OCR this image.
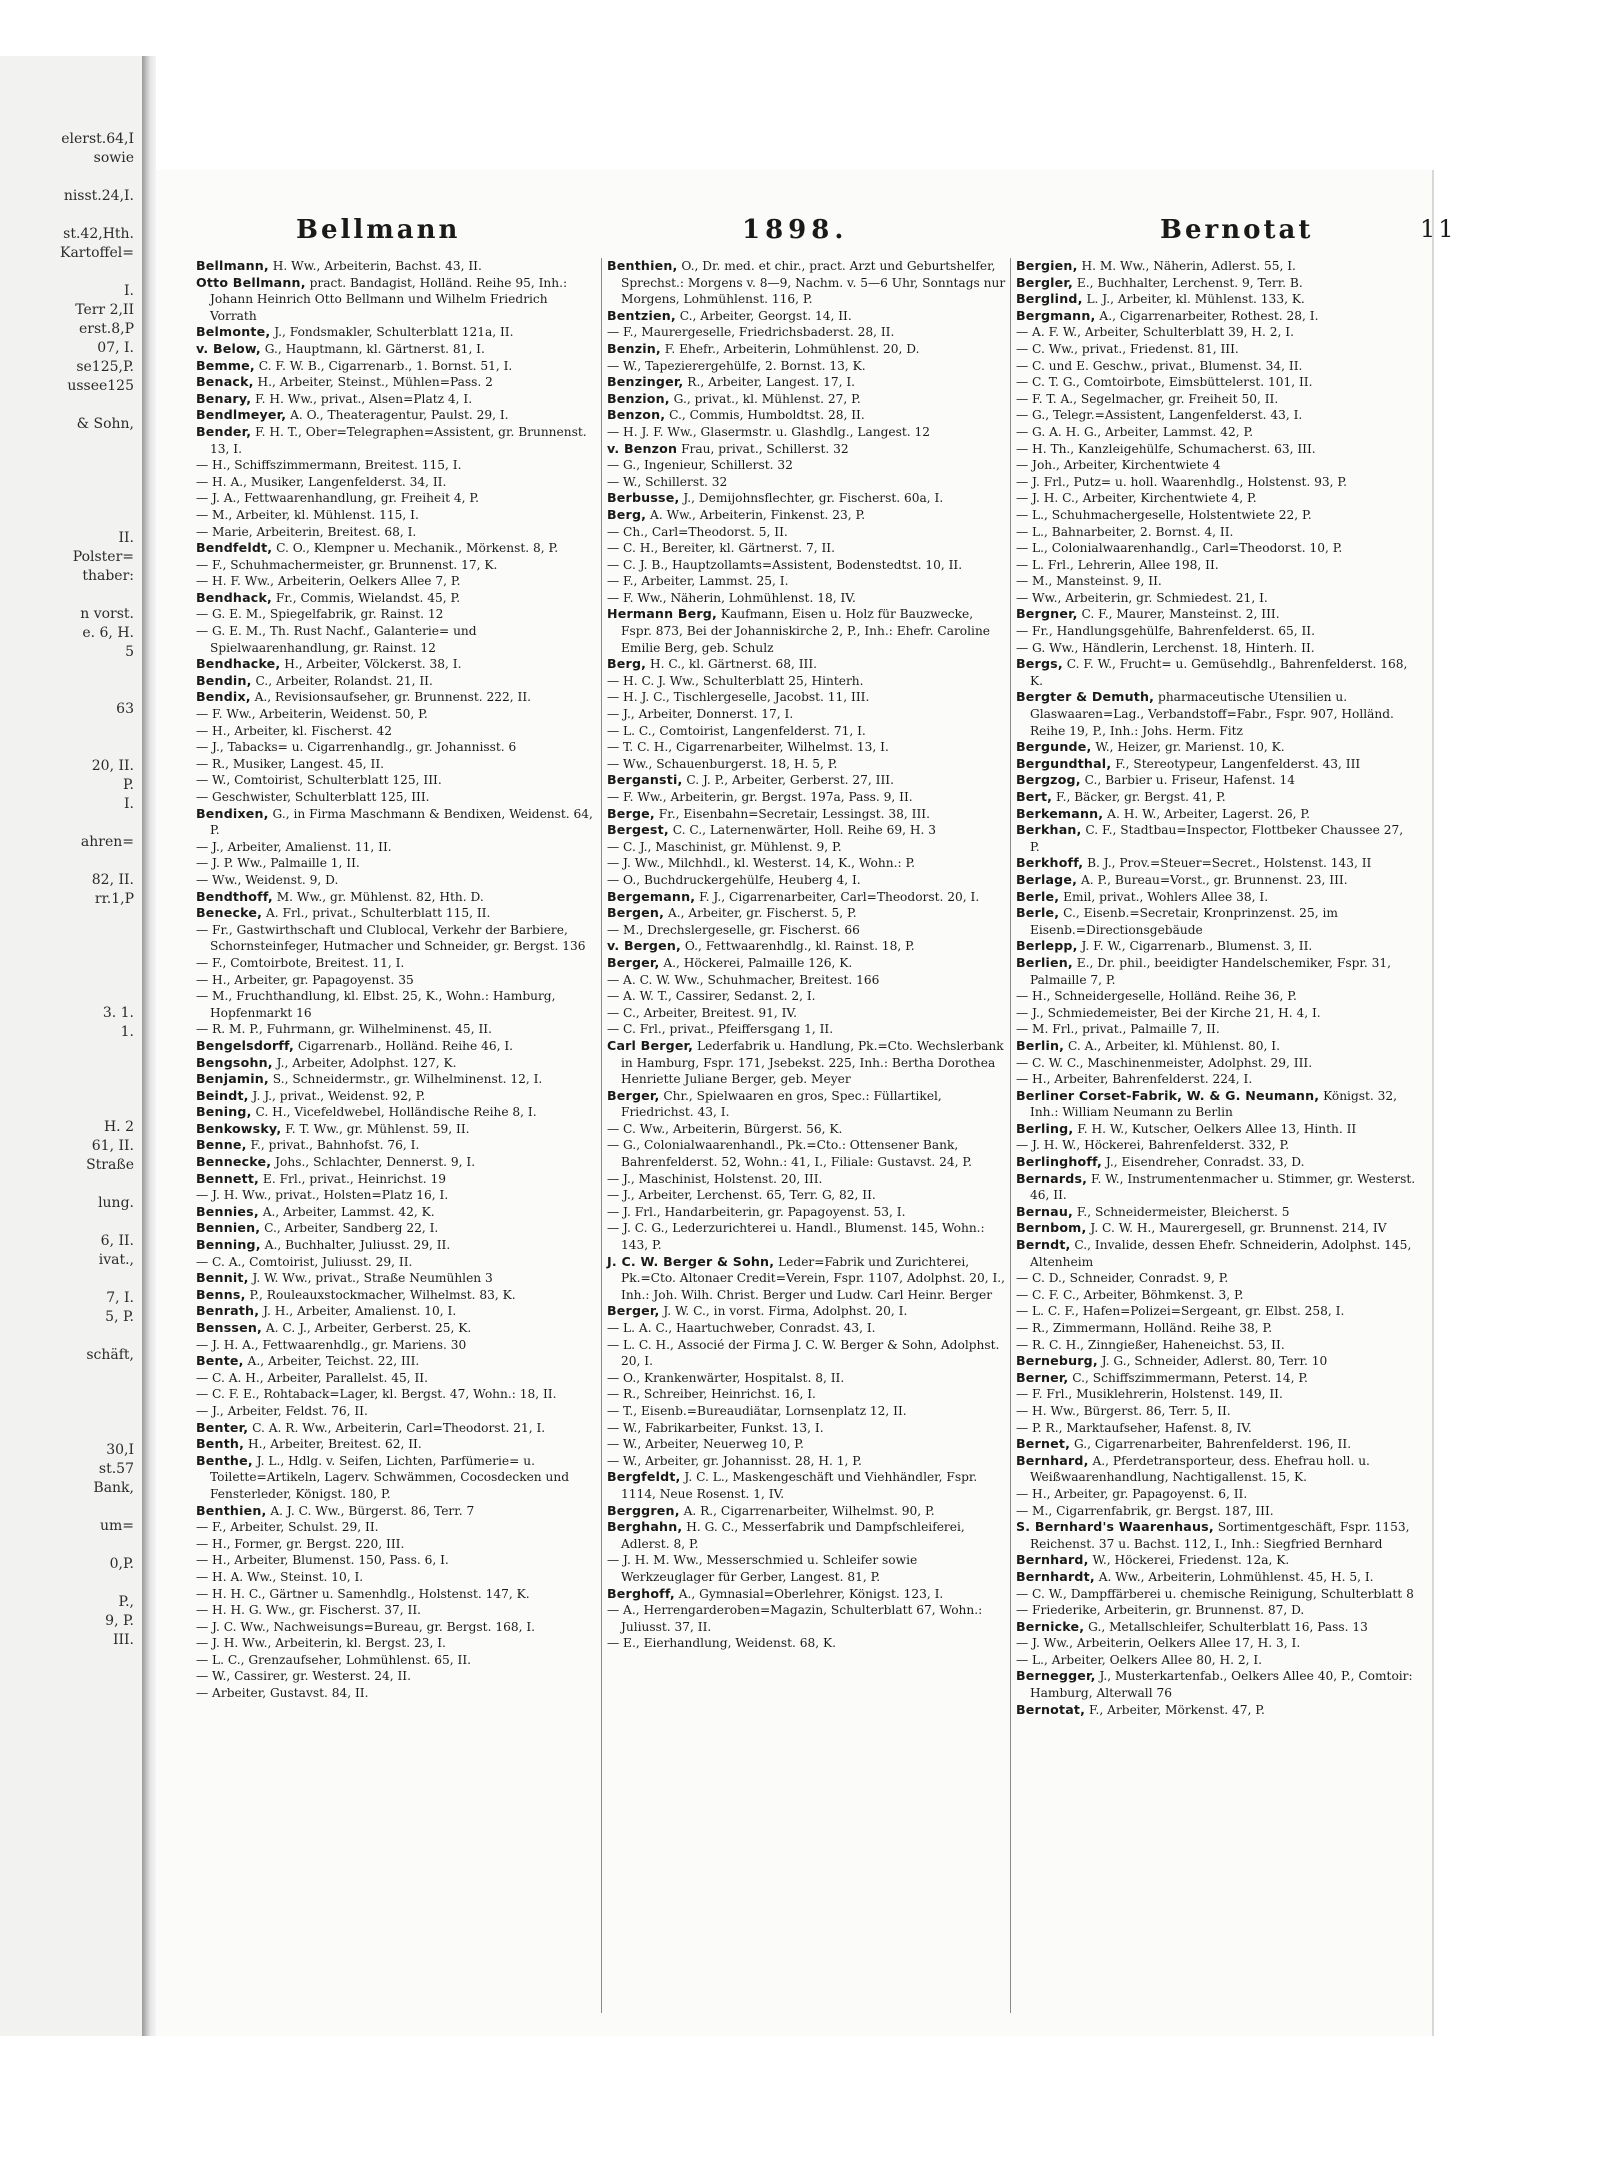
elerst.64,I
sowie

nisst.24,I.

st.42,Hth.
Kartoffel=

I.
Terr 2,II
erst.8,P
07, I.
se125,P.
ussee125

& Sohn,

II.
Polster=
thaber:

n vorst.
e. 6, H.
5

63

20, II.
P.
I.

ahren=

82, II.
rr.1,P

3. 1.
1.

H. 2
61, II.
Straße

lung.

6, II.
ivat.,

7, I.
5, P.

schäft,

30,I
st.57
Bank,

um=

0,P.

P.,
9, P.
III.
Bellmann	1898.	Bernotat	11

Bellmann, H. Ww., Arbeiterin, Bachst. 43, II.

Otto Bellmann, pract. Bandagist, Holländ. Reihe 95, Inh.: Johann Heinrich Otto Bellmann und Wilhelm Friedrich Vorrath

Belmonte, J., Fondsmakler, Schulterblatt 121a, II.

v. Below, G., Hauptmann, kl. Gärtnerst. 81, I.

Bemme, C. F. W. B., Cigarrenarb., 1. Bornst. 51, I.

Benack, H., Arbeiter, Steinst., Mühlen=Pass. 2

Benary, F. H. Ww., privat., Alsen=Platz 4, I.

Bendlmeyer, A. O., Theateragentur, Paulst. 29, I.

Bender, F. H. T., Ober=Telegraphen=Assistent, gr. Brunnenst. 13, I.

— H., Schiffszimmermann, Breitest. 115, I.

— H. A., Musiker, Langenfelderst. 34, II.

— J. A., Fettwaarenhandlung, gr. Freiheit 4, P.

— M., Arbeiter, kl. Mühlenst. 115, I.

— Marie, Arbeiterin, Breitest. 68, I.

Bendfeldt, C. O., Klempner u. Mechanik., Mörkenst. 8, P.

— F., Schuhmachermeister, gr. Brunnenst. 17, K.

— H. F. Ww., Arbeiterin, Oelkers Allee 7, P.

Bendhack, Fr., Commis, Wielandst. 45, P.

— G. E. M., Spiegelfabrik, gr. Rainst. 12

— G. E. M., Th. Rust Nachf., Galanterie= und Spielwaarenhandlung, gr. Rainst. 12

Bendhacke, H., Arbeiter, Völckerst. 38, I.

Bendin, C., Arbeiter, Rolandst. 21, II.

Bendix, A., Revisionsaufseher, gr. Brunnenst. 222, II.

— F. Ww., Arbeiterin, Weidenst. 50, P.

— H., Arbeiter, kl. Fischerst. 42

— J., Tabacks= u. Cigarrenhandlg., gr. Johannisst. 6

— R., Musiker, Langest. 45, II.

— W., Comtoirist, Schulterblatt 125, III.

— Geschwister, Schulterblatt 125, III.

Bendixen, G., in Firma Maschmann & Bendixen, Weidenst. 64, P.

— J., Arbeiter, Amalienst. 11, II.

— J. P. Ww., Palmaille 1, II.

— Ww., Weidenst. 9, D.

Bendthoff, M. Ww., gr. Mühlenst. 82, Hth. D.

Benecke, A. Frl., privat., Schulterblatt 115, II.

— Fr., Gastwirthschaft und Clublocal, Verkehr der Barbiere, Schornsteinfeger, Hutmacher und Schneider, gr. Bergst. 136

— F., Comtoirbote, Breitest. 11, I.

— H., Arbeiter, gr. Papagoyenst. 35

— M., Fruchthandlung, kl. Elbst. 25, K., Wohn.: Hamburg, Hopfenmarkt 16

— R. M. P., Fuhrmann, gr. Wilhelminenst. 45, II.

Bengelsdorff, Cigarrenarb., Holländ. Reihe 46, I.

Bengsohn, J., Arbeiter, Adolphst. 127, K.

Benjamin, S., Schneidermstr., gr. Wilhelminenst. 12, I.

Beindt, J. J., privat., Weidenst. 92, P.

Bening, C. H., Vicefeldwebel, Holländische Reihe 8, I.

Benkowsky, F. T. Ww., gr. Mühlenst. 59, II.

Benne, F., privat., Bahnhofst. 76, I.

Bennecke, Johs., Schlachter, Dennerst. 9, I.

Bennett, E. Frl., privat., Heinrichst. 19

— J. H. Ww., privat., Holsten=Platz 16, I.

Bennies, A., Arbeiter, Lammst. 42, K.

Bennien, C., Arbeiter, Sandberg 22, I.

Benning, A., Buchhalter, Juliusst. 29, II.

— C. A., Comtoirist, Juliusst. 29, II.

Bennit, J. W. Ww., privat., Straße Neumühlen 3

Benns, P., Rouleauxstockmacher, Wilhelmst. 83, K.

Benrath, J. H., Arbeiter, Amalienst. 10, I.

Benssen, A. C. J., Arbeiter, Gerberst. 25, K.

— J. H. A., Fettwaarenhdlg., gr. Mariens. 30

Bente, A., Arbeiter, Teichst. 22, III.

— C. A. H., Arbeiter, Parallelst. 45, II.

— C. F. E., Rohtaback=Lager, kl. Bergst. 47, Wohn.: 18, II.

— J., Arbeiter, Feldst. 76, II.

Benter, C. A. R. Ww., Arbeiterin, Carl=Theodorst. 21, I.

Benth, H., Arbeiter, Breitest. 62, II.

Benthe, J. L., Hdlg. v. Seifen, Lichten, Parfümerie= u. Toilette=Artikeln, Lagerv. Schwämmen, Cocosdecken und Fensterleder, Königst. 180, P.

Benthien, A. J. C. Ww., Bürgerst. 86, Terr. 7

— F., Arbeiter, Schulst. 29, II.

— H., Former, gr. Bergst. 220, III.

— H., Arbeiter, Blumenst. 150, Pass. 6, I.

— H. A. Ww., Steinst. 10, I.

— H. H. C., Gärtner u. Samenhdlg., Holstenst. 147, K.

— H. H. G. Ww., gr. Fischerst. 37, II.

— J. C. Ww., Nachweisungs=Bureau, gr. Bergst. 168, I.

— J. H. Ww., Arbeiterin, kl. Bergst. 23, I.

— L. C., Grenzaufseher, Lohmühlenst. 65, II.

— W., Cassirer, gr. Westerst. 24, II.

— Arbeiter, Gustavst. 84, II.

Benthien, O., Dr. med. et chir., pract. Arzt und Geburtshelfer, Sprechst.: Morgens v. 8—9, Nachm. v. 5—6 Uhr, Sonntags nur Morgens, Lohmühlenst. 116, P.

Bentzien, C., Arbeiter, Georgst. 14, II.

— F., Maurergeselle, Friedrichsbaderst. 28, II.

Benzin, F. Ehefr., Arbeiterin, Lohmühlenst. 20, D.

— W., Tapezierergehülfe, 2. Bornst. 13, K.

Benzinger, R., Arbeiter, Langest. 17, I.

Benzion, G., privat., kl. Mühlenst. 27, P.

Benzon, C., Commis, Humboldtst. 28, II.

— H. J. F. Ww., Glasermstr. u. Glashdlg., Langest. 12

v. Benzon Frau, privat., Schillerst. 32

— G., Ingenieur, Schillerst. 32

— W., Schillerst. 32

Berbusse, J., Demijohnsflechter, gr. Fischerst. 60a, I.

Berg, A. Ww., Arbeiterin, Finkenst. 23, P.

— Ch., Carl=Theodorst. 5, II.

— C. H., Bereiter, kl. Gärtnerst. 7, II.

— C. J. B., Hauptzollamts=Assistent, Bodenstedtst. 10, II.

— F., Arbeiter, Lammst. 25, I.

— F. Ww., Näherin, Lohmühlenst. 18, IV.

Hermann Berg, Kaufmann, Eisen u. Holz für Bauzwecke, Fspr. 873, Bei der Johanniskirche 2, P., Inh.: Ehefr. Caroline Emilie Berg, geb. Schulz

Berg, H. C., kl. Gärtnerst. 68, III.

— H. C. J. Ww., Schulterblatt 25, Hinterh.

— H. J. C., Tischlergeselle, Jacobst. 11, III.

— J., Arbeiter, Donnerst. 17, I.

— L. C., Comtoirist, Langenfelderst. 71, I.

— T. C. H., Cigarrenarbeiter, Wilhelmst. 13, I.

— Ww., Schauenburgerst. 18, H. 5, P.

Bergansti, C. J. P., Arbeiter, Gerberst. 27, III.

— F. Ww., Arbeiterin, gr. Bergst. 197a, Pass. 9, II.

Berge, Fr., Eisenbahn=Secretair, Lessingst. 38, III.

Bergest, C. C., Laternenwärter, Holl. Reihe 69, H. 3

— C. J., Maschinist, gr. Mühlenst. 9, P.

— J. Ww., Milchhdl., kl. Westerst. 14, K., Wohn.: P.

— O., Buchdruckergehülfe, Heuberg 4, I.

Bergemann, F. J., Cigarrenarbeiter, Carl=Theodorst. 20, I.

Bergen, A., Arbeiter, gr. Fischerst. 5, P.

— M., Drechslergeselle, gr. Fischerst. 66

v. Bergen, O., Fettwaarenhdlg., kl. Rainst. 18, P.

Berger, A., Höckerei, Palmaille 126, K.

— A. C. W. Ww., Schuhmacher, Breitest. 166

— A. W. T., Cassirer, Sedanst. 2, I.

— C., Arbeiter, Breitest. 91, IV.

— C. Frl., privat., Pfeiffersgang 1, II.

Carl Berger, Lederfabrik u. Handlung, Pk.=Cto. Wechslerbank in Hamburg, Fspr. 171, Jsebekst. 225, Inh.: Bertha Dorothea Henriette Juliane Berger, geb. Meyer

Berger, Chr., Spielwaaren en gros, Spec.: Füllartikel, Friedrichst. 43, I.

— C. Ww., Arbeiterin, Bürgerst. 56, K.

— G., Colonialwaarenhandl., Pk.=Cto.: Ottensener Bank, Bahrenfelderst. 52, Wohn.: 41, I., Filiale: Gustavst. 24, P.

— J., Maschinist, Holstenst. 20, III.

— J., Arbeiter, Lerchenst. 65, Terr. G, 82, II.

— J. Frl., Handarbeiterin, gr. Papagoyenst. 53, I.

— J. C. G., Lederzurichterei u. Handl., Blumenst. 145, Wohn.: 143, P.

J. C. W. Berger & Sohn, Leder=Fabrik und Zurichterei, Pk.=Cto. Altonaer Credit=Verein, Fspr. 1107, Adolphst. 20, I., Inh.: Joh. Wilh. Christ. Berger und Ludw. Carl Heinr. Berger

Berger, J. W. C., in vorst. Firma, Adolphst. 20, I.

— L. A. C., Haartuchweber, Conradst. 43, I.

— L. C. H., Associé der Firma J. C. W. Berger & Sohn, Adolphst. 20, I.

— O., Krankenwärter, Hospitalst. 8, II.

— R., Schreiber, Heinrichst. 16, I.

— T., Eisenb.=Bureaudiätar, Lornsenplatz 12, II.

— W., Fabrikarbeiter, Funkst. 13, I.

— W., Arbeiter, Neuerweg 10, P.

— W., Arbeiter, gr. Johannisst. 28, H. 1, P.

Bergfeldt, J. C. L., Maskengeschäft und Viehhändler, Fspr. 1114, Neue Rosenst. 1, IV.

Berggren, A. R., Cigarrenarbeiter, Wilhelmst. 90, P.

Berghahn, H. G. C., Messerfabrik und Dampfschleiferei, Adlerst. 8, P.

— J. H. M. Ww., Messerschmied u. Schleifer sowie Werkzeuglager für Gerber, Langest. 81, P.

Berghoff, A., Gymnasial=Oberlehrer, Königst. 123, I.

— A., Herrengarderoben=Magazin, Schulterblatt 67, Wohn.: Juliusst. 37, II.

— E., Eierhandlung, Weidenst. 68, K.

Bergien, H. M. Ww., Näherin, Adlerst. 55, I.

Bergler, E., Buchhalter, Lerchenst. 9, Terr. B.

Berglind, L. J., Arbeiter, kl. Mühlenst. 133, K.

Bergmann, A., Cigarrenarbeiter, Rothest. 28, I.

— A. F. W., Arbeiter, Schulterblatt 39, H. 2, I.

— C. Ww., privat., Friedenst. 81, III.

— C. und E. Geschw., privat., Blumenst. 34, II.

— C. T. G., Comtoirbote, Eimsbüttelerst. 101, II.

— F. T. A., Segelmacher, gr. Freiheit 50, II.

— G., Telegr.=Assistent, Langenfelderst. 43, I.

— G. A. H. G., Arbeiter, Lammst. 42, P.

— H. Th., Kanzleigehülfe, Schumacherst. 63, III.

— Joh., Arbeiter, Kirchentwiete 4

— J. Frl., Putz= u. holl. Waarenhdlg., Holstenst. 93, P.

— J. H. C., Arbeiter, Kirchentwiete 4, P.

— L., Schuhmachergeselle, Holstentwiete 22, P.

— L., Bahnarbeiter, 2. Bornst. 4, II.

— L., Colonialwaarenhandlg., Carl=Theodorst. 10, P.

— L. Frl., Lehrerin, Allee 198, II.

— M., Mansteinst. 9, II.

— Ww., Arbeiterin, gr. Schmiedest. 21, I.

Bergner, C. F., Maurer, Mansteinst. 2, III.

— Fr., Handlungsgehülfe, Bahrenfelderst. 65, II.

— G. Ww., Händlerin, Lerchenst. 18, Hinterh. II.

Bergs, C. F. W., Frucht= u. Gemüsehdlg., Bahrenfelderst. 168, K.

Bergter & Demuth, pharmaceutische Utensilien u. Glaswaaren=Lag., Verbandstoff=Fabr., Fspr. 907, Holländ. Reihe 19, P., Inh.: Johs. Herm. Fitz

Bergunde, W., Heizer, gr. Marienst. 10, K.

Bergundthal, F., Stereotypeur, Langenfelderst. 43, III

Bergzog, C., Barbier u. Friseur, Hafenst. 14

Bert, F., Bäcker, gr. Bergst. 41, P.

Berkemann, A. H. W., Arbeiter, Lagerst. 26, P.

Berkhan, C. F., Stadtbau=Inspector, Flottbeker Chaussee 27, P.

Berkhoff, B. J., Prov.=Steuer=Secret., Holstenst. 143, II

Berlage, A. P., Bureau=Vorst., gr. Brunnenst. 23, III.

Berle, Emil, privat., Wohlers Allee 38, I.

Berle, C., Eisenb.=Secretair, Kronprinzenst. 25, im Eisenb.=Directionsgebäude

Berlepp, J. F. W., Cigarrenarb., Blumenst. 3, II.

Berlien, E., Dr. phil., beeidigter Handelschemiker, Fspr. 31, Palmaille 7, P.

— H., Schneidergeselle, Holländ. Reihe 36, P.

— J., Schmiedemeister, Bei der Kirche 21, H. 4, I.

— M. Frl., privat., Palmaille 7, II.

Berlin, C. A., Arbeiter, kl. Mühlenst. 80, I.

— C. W. C., Maschinenmeister, Adolphst. 29, III.

— H., Arbeiter, Bahrenfelderst. 224, I.

Berliner Corset-Fabrik, W. & G. Neumann, Königst. 32, Inh.: William Neumann zu Berlin

Berling, F. H. W., Kutscher, Oelkers Allee 13, Hinth. II

— J. H. W., Höckerei, Bahrenfelderst. 332, P.

Berlinghoff, J., Eisendreher, Conradst. 33, D.

Bernards, F. W., Instrumentenmacher u. Stimmer, gr. Westerst. 46, II.

Bernau, F., Schneidermeister, Bleicherst. 5

Bernbom, J. C. W. H., Maurergesell, gr. Brunnenst. 214, IV

Berndt, C., Invalide, dessen Ehefr. Schneiderin, Adolphst. 145, Altenheim

— C. D., Schneider, Conradst. 9, P.

— C. F. C., Arbeiter, Böhmkenst. 3, P.

— L. C. F., Hafen=Polizei=Sergeant, gr. Elbst. 258, I.

— R., Zimmermann, Holländ. Reihe 38, P.

— R. C. H., Zinngießer, Haheneichst. 53, II.

Berneburg, J. G., Schneider, Adlerst. 80, Terr. 10

Berner, C., Schiffszimmermann, Peterst. 14, P.

— F. Frl., Musiklehrerin, Holstenst. 149, II.

— H. Ww., Bürgerst. 86, Terr. 5, II.

— P. R., Marktaufseher, Hafenst. 8, IV.

Bernet, G., Cigarrenarbeiter, Bahrenfelderst. 196, II.

Bernhard, A., Pferdetransporteur, dess. Ehefrau holl. u. Weißwaarenhandlung, Nachtigallenst. 15, K.

— H., Arbeiter, gr. Papagoyenst. 6, II.

— M., Cigarrenfabrik, gr. Bergst. 187, III.

S. Bernhard's Waarenhaus, Sortimentgeschäft, Fspr. 1153, Reichenst. 37 u. Bachst. 112, I., Inh.: Siegfried Bernhard

Bernhard, W., Höckerei, Friedenst. 12a, K.

Bernhardt, A. Ww., Arbeiterin, Lohmühlenst. 45, H. 5, I.

— C. W., Dampffärberei u. chemische Reinigung, Schulterblatt 8

— Friederike, Arbeiterin, gr. Brunnenst. 87, D.

Bernicke, G., Metallschleifer, Schulterblatt 16, Pass. 13

— J. Ww., Arbeiterin, Oelkers Allee 17, H. 3, I.

— L., Arbeiter, Oelkers Allee 80, H. 2, I.

Bernegger, J., Musterkartenfab., Oelkers Allee 40, P., Comtoir: Hamburg, Alterwall 76

Bernotat, F., Arbeiter, Mörkenst. 47, P.
